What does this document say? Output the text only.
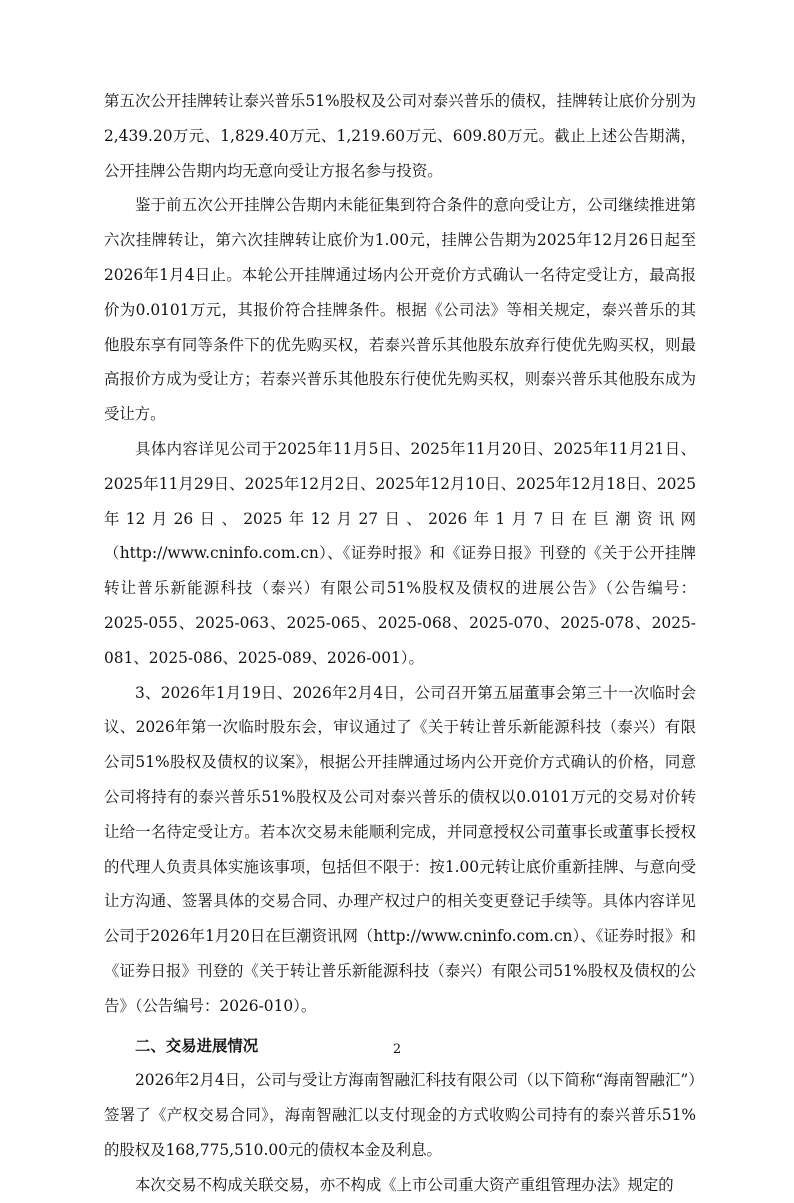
第五次公开挂牌转让泰兴普乐51%股权及公司对泰兴普乐的债权，挂牌转让底价分别为2,439.20万元、1,829.40万元、1,219.60万元、609.80万元。截止上述公告期满，公开挂牌公告期内均无意向受让方报名参与投资。

鉴于前五次公开挂牌公告期内未能征集到符合条件的意向受让方，公司继续推进第六次挂牌转让，第六次挂牌转让底价为1.00元，挂牌公告期为2025年12月26日起至2026年1月4日止。本轮公开挂牌通过场内公开竞价方式确认一名待定受让方，最高报价为0.0101万元，其报价符合挂牌条件。根据《公司法》等相关规定，泰兴普乐的其他股东享有同等条件下的优先购买权，若泰兴普乐其他股东放弃行使优先购买权，则最高报价方成为受让方；若泰兴普乐其他股东行使优先购买权，则泰兴普乐其他股东成为受让方。

具体内容详见公司于2025年11月5日、2025年11月20日、2025年11月21日、2025年11月29日、2025年12月2日、2025年12月10日、2025年12月18日、2025年12月26日、2025年12月27日、2026年1月7日在巨潮资讯网（http://www.cninfo.com.cn）、《证券时报》和《证券日报》刊登的《关于公开挂牌转让普乐新能源科技（泰兴）有限公司51%股权及债权的进展公告》（公告编号：2025-055、2025-063、2025-065、2025-068、2025-070、2025-078、2025-081、2025-086、2025-089、2026-001）。

3、2026年1月19日、2026年2月4日，公司召开第五届董事会第三十一次临时会议、2026年第一次临时股东会，审议通过了《关于转让普乐新能源科技（泰兴）有限公司51%股权及债权的议案》，根据公开挂牌通过场内公开竞价方式确认的价格，同意公司将持有的泰兴普乐51%股权及公司对泰兴普乐的债权以0.0101万元的交易对价转让给一名待定受让方。若本次交易未能顺利完成，并同意授权公司董事长或董事长授权的代理人负责具体实施该事项，包括但不限于：按1.00元转让底价重新挂牌、与意向受让方沟通、签署具体的交易合同、办理产权过户的相关变更登记手续等。具体内容详见公司于2026年1月20日在巨潮资讯网（http://www.cninfo.com.cn）、《证券时报》和《证券日报》刊登的《关于转让普乐新能源科技（泰兴）有限公司51%股权及债权的公告》（公告编号：2026-010）。

二、交易进展情况

2026年2月4日，公司与受让方海南智融汇科技有限公司（以下简称“海南智融汇”）签署了《产权交易合同》，海南智融汇以支付现金的方式收购公司持有的泰兴普乐51%的股权及168,775,510.00元的债权本金及利息。

本次交易不构成关联交易，亦不构成《上市公司重大资产重组管理办法》规定的

2
